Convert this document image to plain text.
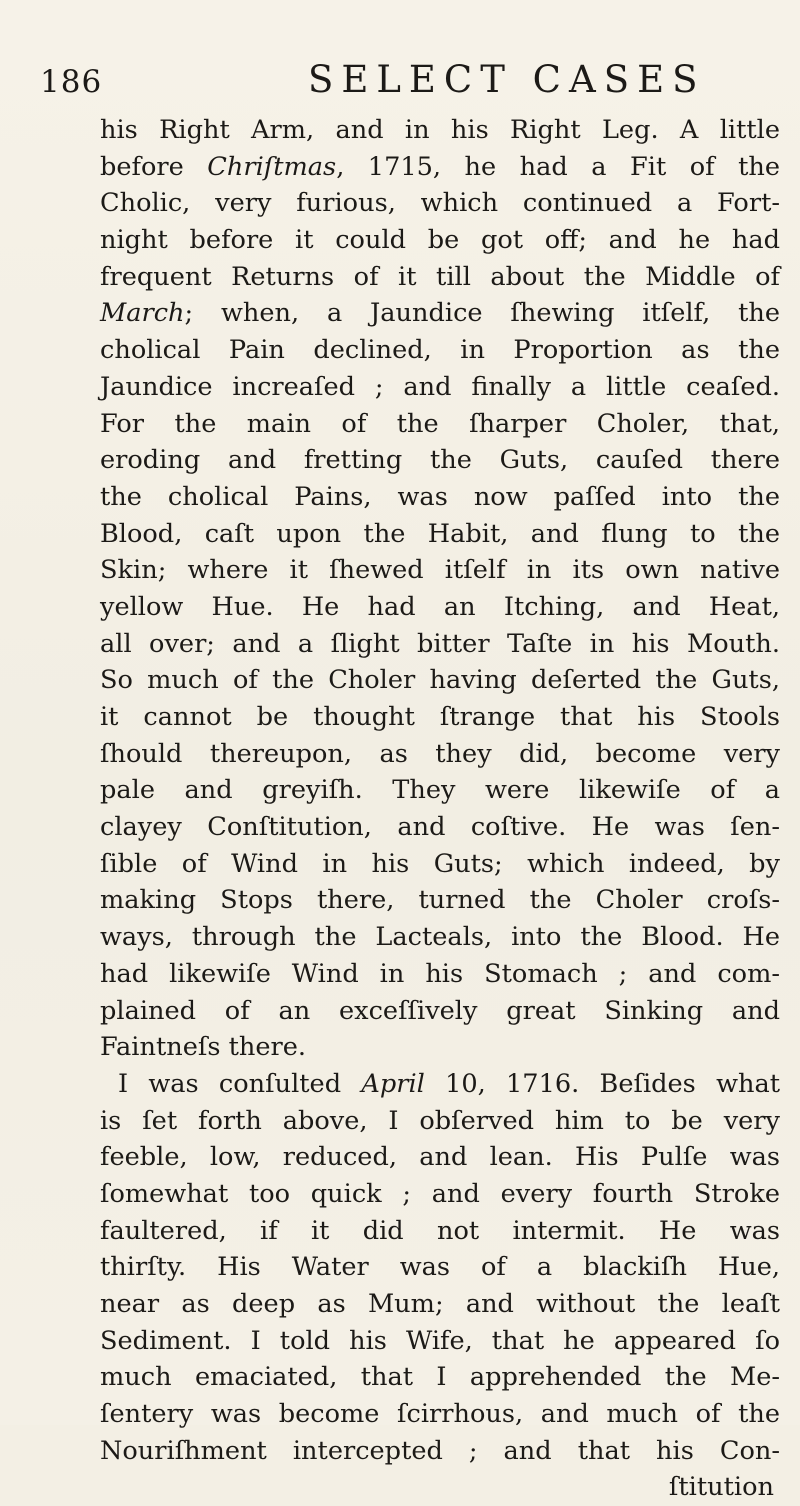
186	SELECT CASES
his Right Arm, and in his Right Leg. A little
before Chriſtmas, 1715, he had a Fit of the
Cholic, very furious, which continued a Fort-
night before it could be got off; and he had
frequent Returns of it till about the Middle of
March; when, a Jaundice ſhewing itſelf, the
cholical Pain declined, in Proportion as the
Jaundice increaſed ; and finally a little ceaſed.
For the main of the ſharper Choler, that,
eroding and fretting the Guts, cauſed there
the cholical Pains, was now paſſed into the
Blood, caſt upon the Habit, and flung to the
Skin; where it ſhewed itſelf in its own native
yellow Hue. He had an Itching, and Heat,
all over; and a ſlight bitter Taſte in his Mouth.
So much of the Choler having deſerted the Guts,
it cannot be thought ſtrange that his Stools
ſhould thereupon, as they did, become very
pale and greyiſh. They were likewiſe of a
clayey Conſtitution, and coſtive. He was ſen-
ſible of Wind in his Guts; which indeed, by
making Stops there, turned the Choler croſs-
ways, through the Lacteals, into the Blood. He
had likewiſe Wind in his Stomach ; and com-
plained of an exceſſively great Sinking and
Faintneſs there.
I was conſulted April 10, 1716. Beſides what
is ſet forth above, I obſerved him to be very
feeble, low, reduced, and lean. His Pulſe was
ſomewhat too quick ; and every fourth Stroke
faultered, if it did not intermit. He was
thirſty. His Water was of a blackiſh Hue,
near as deep as Mum; and without the leaſt
Sediment. I told his Wife, that he appeared ſo
much emaciated, that I apprehended the Me-
ſentery was become ſcirrhous, and much of the
Nouriſhment intercepted ; and that his Con-
ſtitution
